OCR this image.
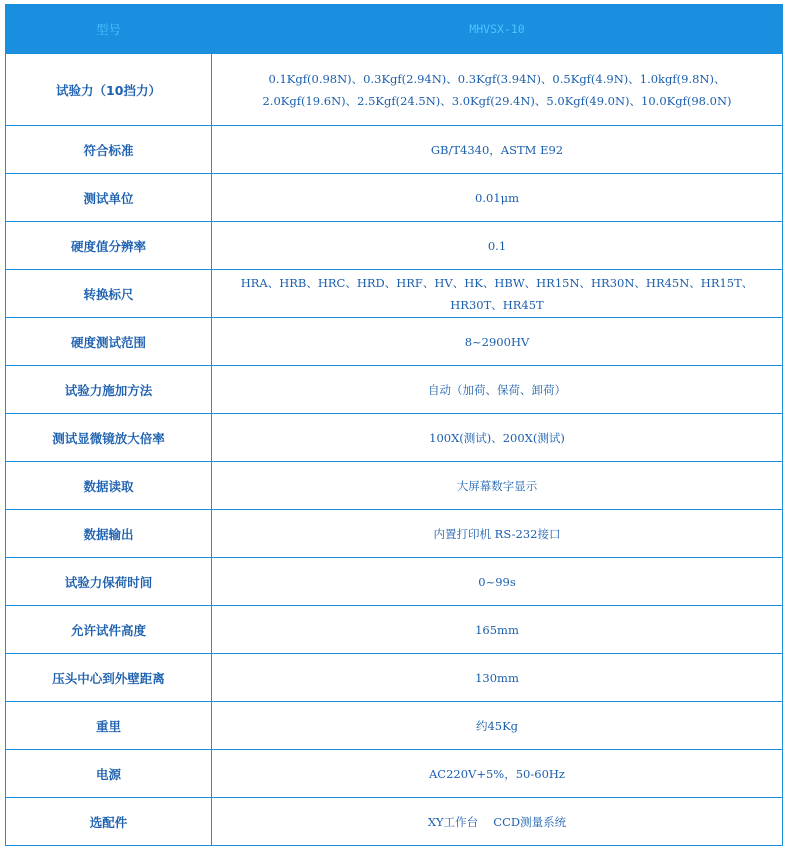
型号	MHVSX-10
试验力（10挡力）	0.1Kgf(0.98N)、0.3Kgf(2.94N)、0.3Kgf(3.94N)、0.5Kgf(4.9N)、1.0kgf(9.8N)、
2.0Kgf(19.6N)、2.5Kgf(24.5N)、3.0Kgf(29.4N)、5.0Kgf(49.0N)、10.0Kgf(98.0N)

符合标准	GB/T4340，ASTM E92
测试单位	0.01μm
硬度值分辨率	0.1
转换标尺	HRA、HRB、HRC、HRD、HRF、HV、HK、HBW、HR15N、HR30N、HR45N、HR15T、HR30T、HR45T
硬度测试范围	8~2900HV
试验力施加方法	自动（加荷、保荷、卸荷）
测试显微镜放大倍率	100X(测试)、200X(测试)
数据读取	大屏幕数字显示
数据输出	内置打印机 RS-232接口
试验力保荷时间	0~99s
允许试件高度	165mm
压头中心到外壁距离	130mm
重里	约45Kg
电源	AC220V+5%，50-60Hz
选配件	XY工作台　 CCD测量系统
